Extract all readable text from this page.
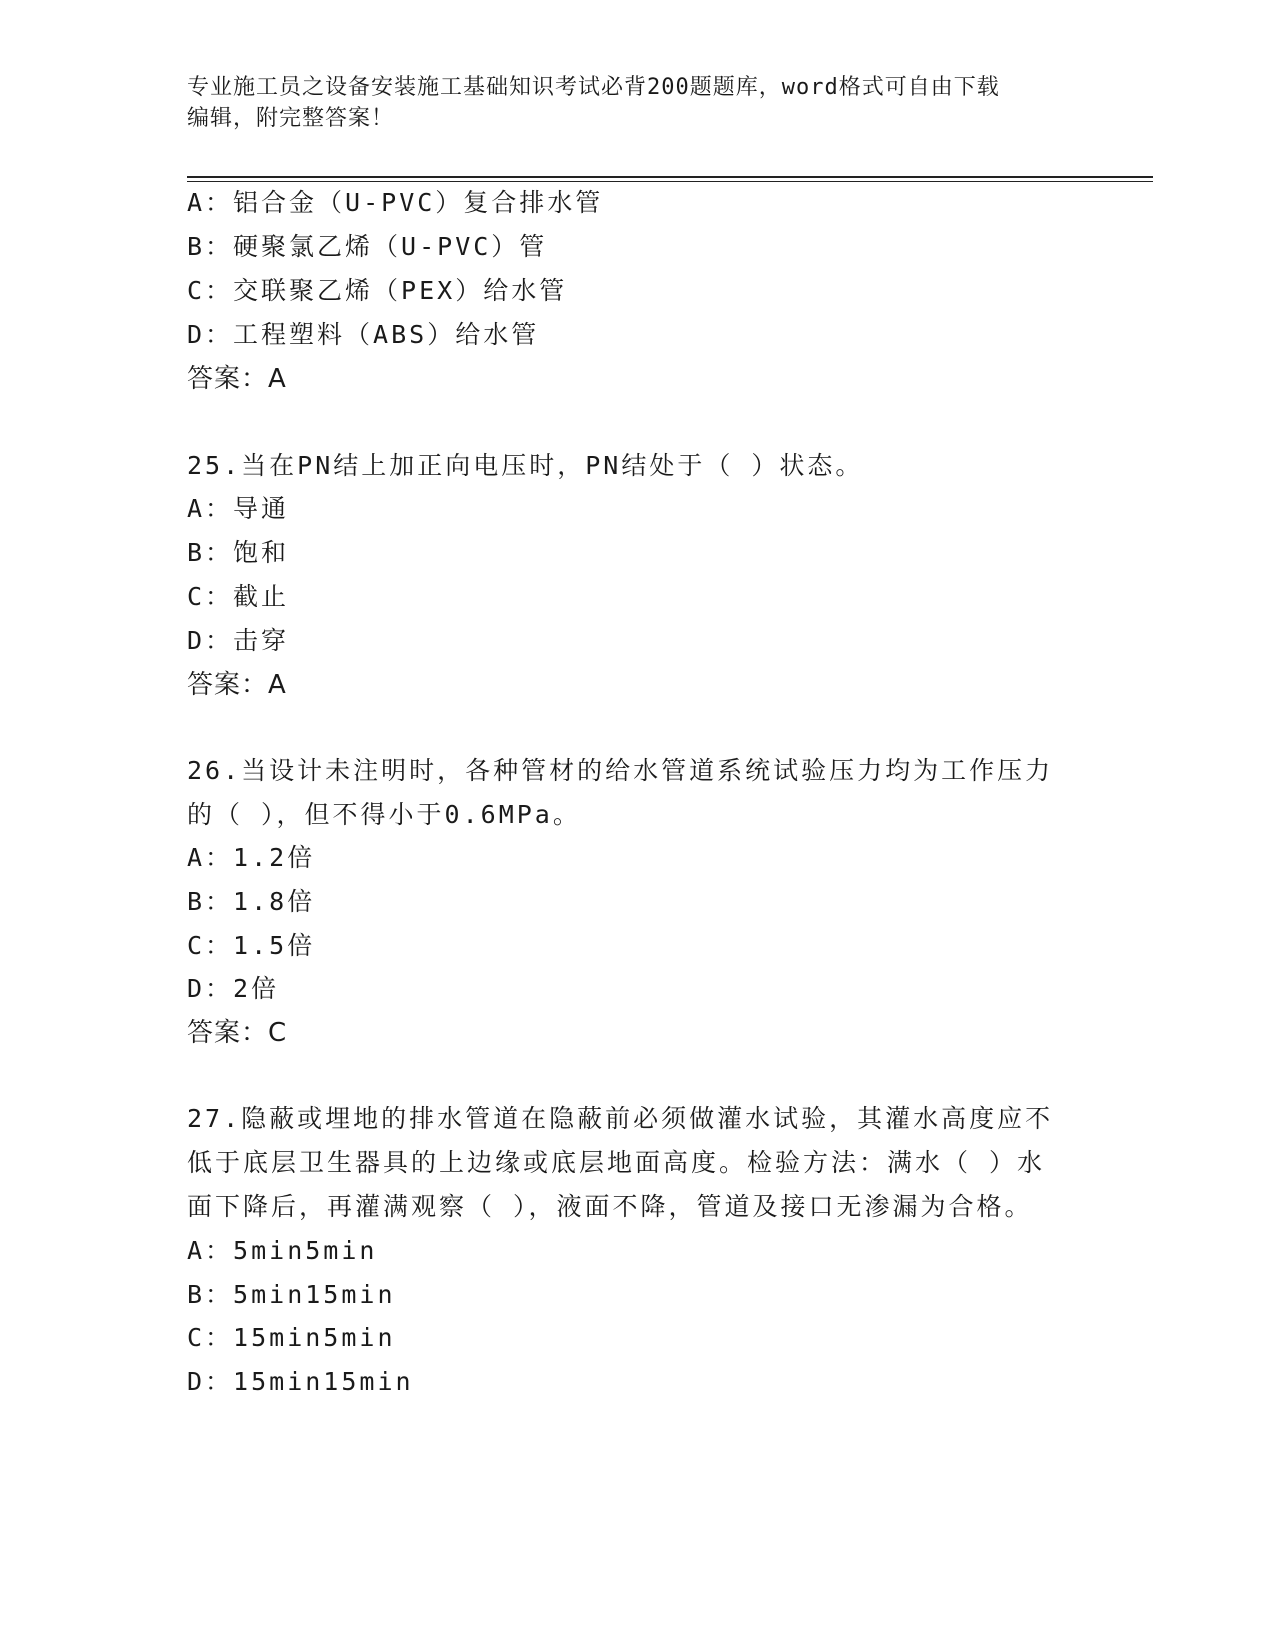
专业施工员之设备安装施工基础知识考试必背200题题库，word格式可自由下载
编辑，附完整答案！
A：铝合金（U-PVC）复合排水管
B：硬聚氯乙烯（U-PVC）管
C：交联聚乙烯（PEX）给水管
D：工程塑料（ABS）给水管
答案：A
25.当在PN结上加正向电压时，PN结处于（ ）状态。
A：导通
B：饱和
C：截止
D：击穿
答案：A
26.当设计未注明时，各种管材的给水管道系统试验压力均为工作压力
的（ ），但不得小于0.6MPa。
A：1.2倍
B：1.8倍
C：1.5倍
D：2倍
答案：C
27.隐蔽或埋地的排水管道在隐蔽前必须做灌水试验，其灌水高度应不
低于底层卫生器具的上边缘或底层地面高度。检验方法：满水（ ）水
面下降后，再灌满观察（ ），液面不降，管道及接口无渗漏为合格。
A：5min5min
B：5min15min
C：15min5min
D：15min15min
